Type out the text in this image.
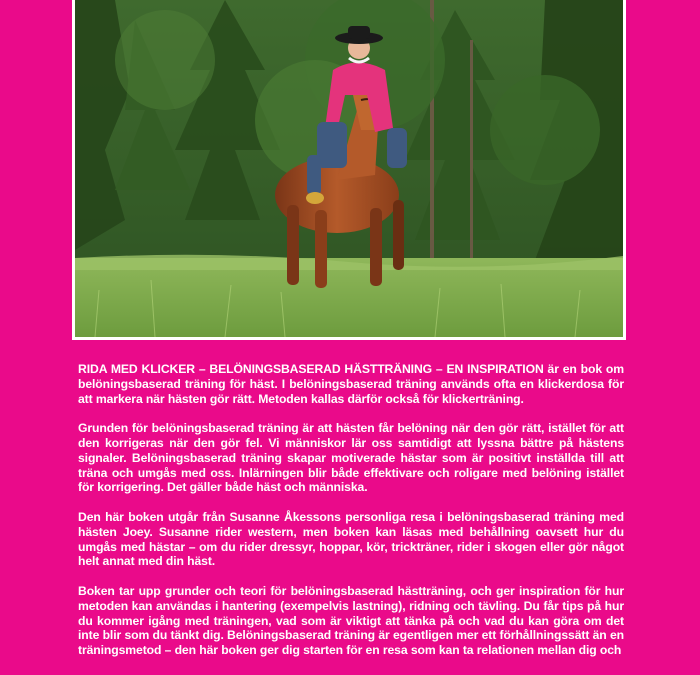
RIDA MED KLICKER – BELÖNINGSBASERAD HÄSTTRÄNING – EN INSPIRATION är en bok om belöningsbaserad träning för häst. I belöningsbaserad träning används ofta en klickerdosa för att markera när hästen gör rätt. Metoden kallas därför också för klickerträning.

Grunden för belöningsbaserad träning är att hästen får belöning när den gör rätt, istället för att den korrigeras när den gör fel. Vi människor lär oss samtidigt att lyssna bättre på hästens signaler. Belöningsbaserad träning skapar motiverade hästar som är positivt inställda till att träna och umgås med oss. Inlärningen blir både effektivare och roligare med belöning istället för korrigering. Det gäller både häst och människa.

Den här boken utgår från Susanne Åkessons personliga resa i belöningsbaserad träning med hästen Joey. Susanne rider western, men boken kan läsas med behållning oavsett hur du umgås med hästar – om du rider dressyr, hoppar, kör, trickträner, rider i skogen eller gör något helt annat med din häst.

Boken tar upp grunder och teori för belöningsbaserad hästträning, och ger inspiration för hur metoden kan användas i hantering (exempelvis lastning), ridning och tävling. Du får tips på hur du kommer igång med träningen, vad som är viktigt att tänka på och vad du kan göra om det inte blir som du tänkt dig. Belöningsbaserad träning är egentligen mer ett förhållningssätt än en träningsmetod – den här boken ger dig starten för en resa som kan ta relationen mellan dig och
